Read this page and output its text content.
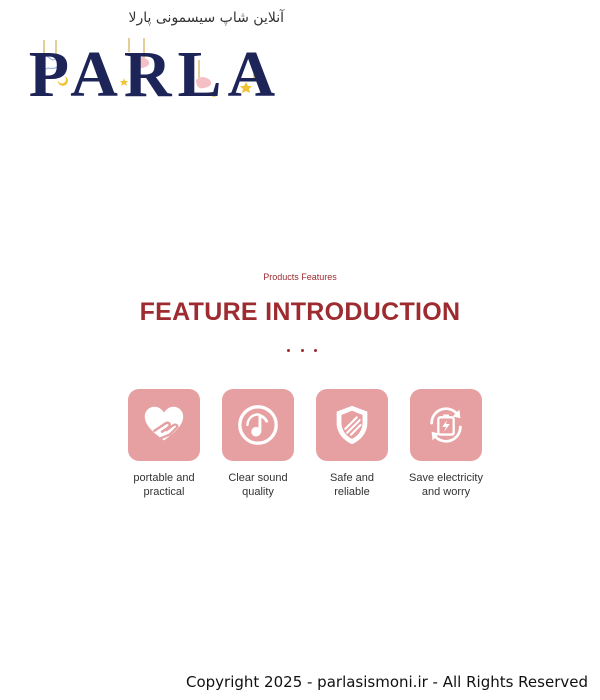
آنلاین شاپ سیسمونی پارلا
PARLA
Products Features
FEATURE INTRODUCTION
portable and
practical
Clear sound
quality
Safe and
reliable
Save electricity
and worry
Copyright 2025 - parlasismoni.ir - All Rights Reserved
